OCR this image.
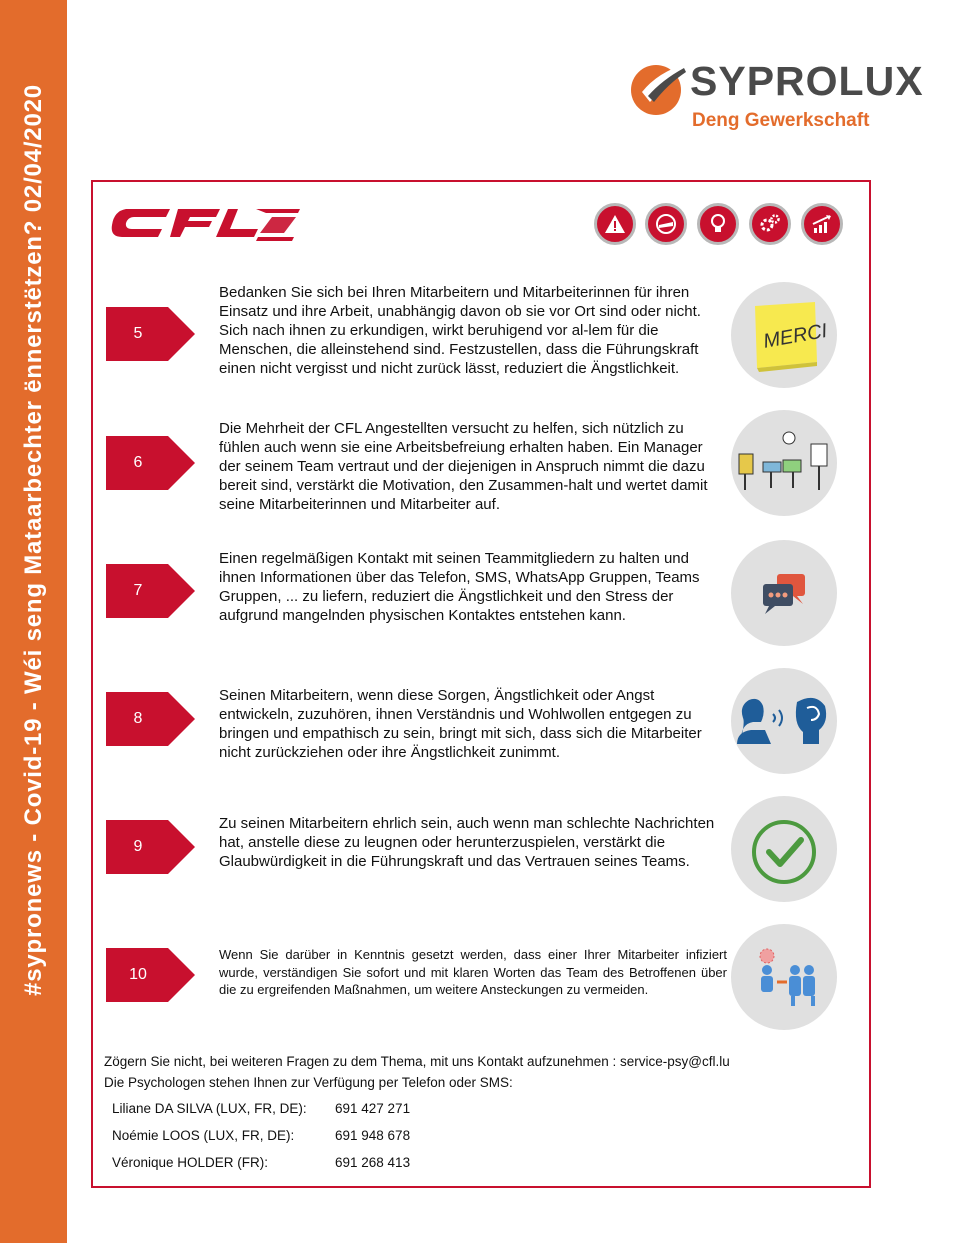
#sypronews - Covid-19 - Wéi seng Mataarbechter ënnerstëtzen? 02/04/2020
SYPROLUX
Deng Gewerkschaft
5
Bedanken Sie sich bei Ihren Mitarbeitern und Mitarbeiterinnen für ihren Einsatz und ihre Arbeit, unabhängig davon ob sie vor Ort sind oder nicht. Sich nach ihnen zu erkundigen, wirkt beruhigend vor al-lem für die Menschen, die alleinstehend sind. Festzustellen, dass die Führungskraft einen nicht vergisst und nicht zurück lässt, reduziert die Ängstlichkeit.
MERCI
6
Die Mehrheit der CFL Angestellten versucht zu helfen, sich nützlich zu fühlen auch wenn sie eine Arbeitsbefreiung erhalten haben. Ein Manager der seinem Team vertraut und der diejenigen in Anspruch nimmt die dazu bereit sind, verstärkt die Motivation, den Zusammen-halt und wertet damit seine Mitarbeiterinnen und Mitarbeiter auf.
7
Einen regelmäßigen Kontakt mit seinen Teammitgliedern zu halten und ihnen Informationen über das Telefon, SMS, WhatsApp Gruppen, Teams Gruppen, ... zu liefern, reduziert die Ängstlichkeit und den Stress der aufgrund mangelnden physischen Kontaktes entstehen kann.
8
Seinen Mitarbeitern, wenn diese Sorgen, Ängstlichkeit oder Angst entwickeln, zuzuhören, ihnen Verständnis und Wohlwollen entgegen zu bringen und empathisch zu sein, bringt mit sich, dass sich die Mitarbeiter nicht zurückziehen oder ihre Ängstlichkeit zunimmt.
9
Zu seinen Mitarbeitern ehrlich sein, auch wenn man schlechte Nachrichten hat, anstelle diese zu leugnen oder herunterzuspielen, verstärkt die Glaubwürdigkeit in die Führungskraft und das Vertrauen seines Teams.
10
Wenn Sie darüber in Kenntnis gesetzt werden, dass einer Ihrer Mitarbeiter infiziert wurde, verständigen Sie sofort und mit klaren Worten das Team des Betroffenen über die zu ergreifenden Maßnahmen, um weitere Ansteckungen zu vermeiden.
Zögern Sie nicht, bei weiteren Fragen zu dem Thema, mit uns Kontakt aufzunehmen : service-psy@cfl.lu
Die Psychologen stehen Ihnen zur Verfügung per Telefon oder SMS:
Liliane DA SILVA (LUX, FR, DE): 691 427 271
Noémie LOOS (LUX, FR, DE):	691 948 678
Véronique HOLDER (FR):	691 268 413
